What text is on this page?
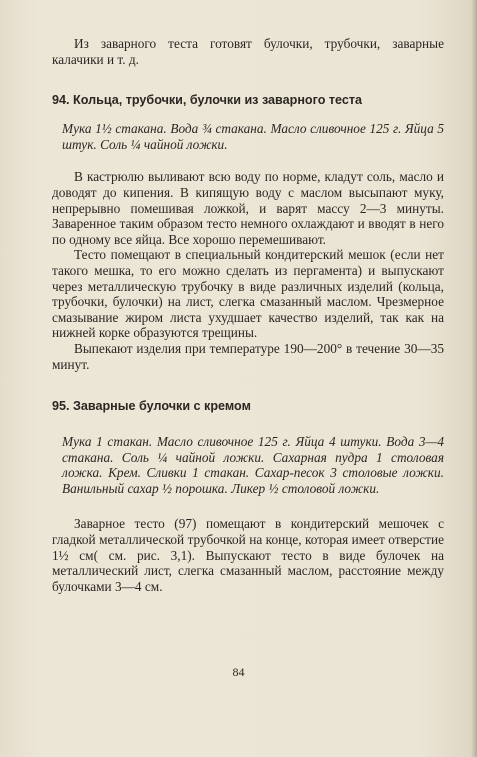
Из заварного теста готовят булочки, трубочки, заварные калачики и т. д.

94. Кольца, трубочки, булочки из заварного теста
Мука 1½ стакана. Вода ¾ стакана. Масло сливочное 125 г. Яйца 5 штук. Соль ¼ чайной ложки.

В кастрюлю выливают всю воду по норме, кладут соль, масло и доводят до кипения. В кипящую воду с маслом высыпают муку, непрерывно помешивая ложкой, и варят массу 2—3 минуты. Заваренное таким образом тесто немного охлаждают и вводят в него по одному все яйца. Все хорошо перемешивают.

Тесто помещают в специальный кондитерский мешок (если нет такого мешка, то его можно сделать из пергамента) и выпускают через металлическую трубочку в виде различных изделий (кольца, трубочки, булочки) на лист, слегка смазанный маслом. Чрезмерное смазывание жиром листа ухудшает качество изделий, так как на нижней корке образуются трещины.

Выпекают изделия при температуре 190—200° в течение 30—35 минут.

95. Заварные булочки с кремом
Мука 1 стакан. Масло сливочное 125 г. Яйца 4 штуки. Вода 3—4 стакана. Соль ¼ чайной ложки. Сахарная пудра 1 столовая ложка. Крем. Сливки 1 стакан. Сахар-песок 3 столовые ложки. Ванильный сахар ½ порошка. Ликер ½ столовой ложки.

Заварное тесто (97) помещают в кондитерский мешочек с гладкой металлической трубочкой на конце, которая имеет отверстие 1½ см( см. рис. 3,1). Выпускают тесто в виде булочек на металлический лист, слегка смазанный маслом, расстояние между булочками 3—4 см.

84
